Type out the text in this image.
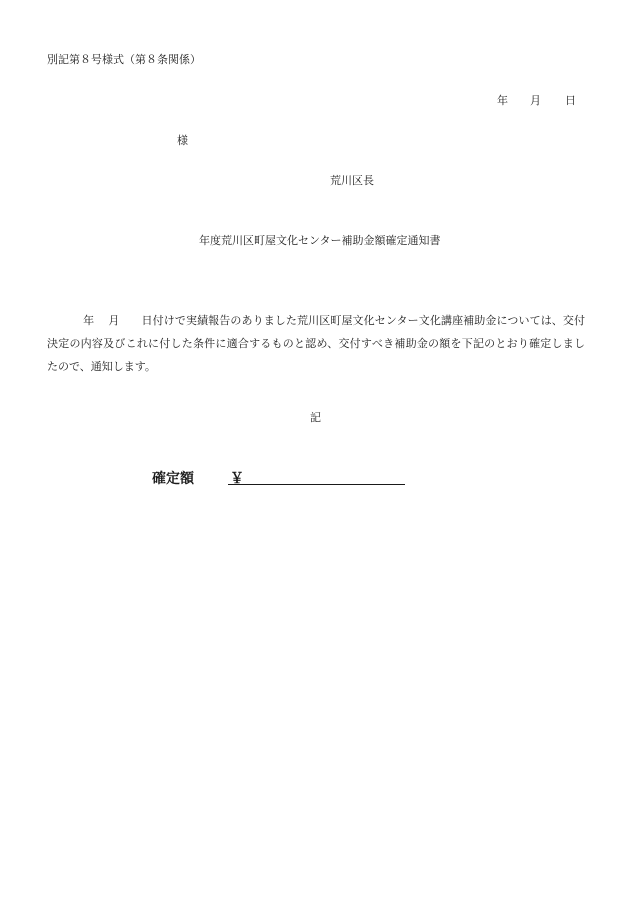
別記第８号様式（第８条関係）
年 月 日
様
荒川区長
年度荒川区町屋文化センター補助金額確定通知書
年 月 日付けで実績報告のありました荒川区町屋文化センター文化講座補助金については、交付決定の内容及びこれに付した条件に適合するものと認め、交付すべき補助金の額を下記のとおり確定しましたので、通知します。
記
確定額	￥
